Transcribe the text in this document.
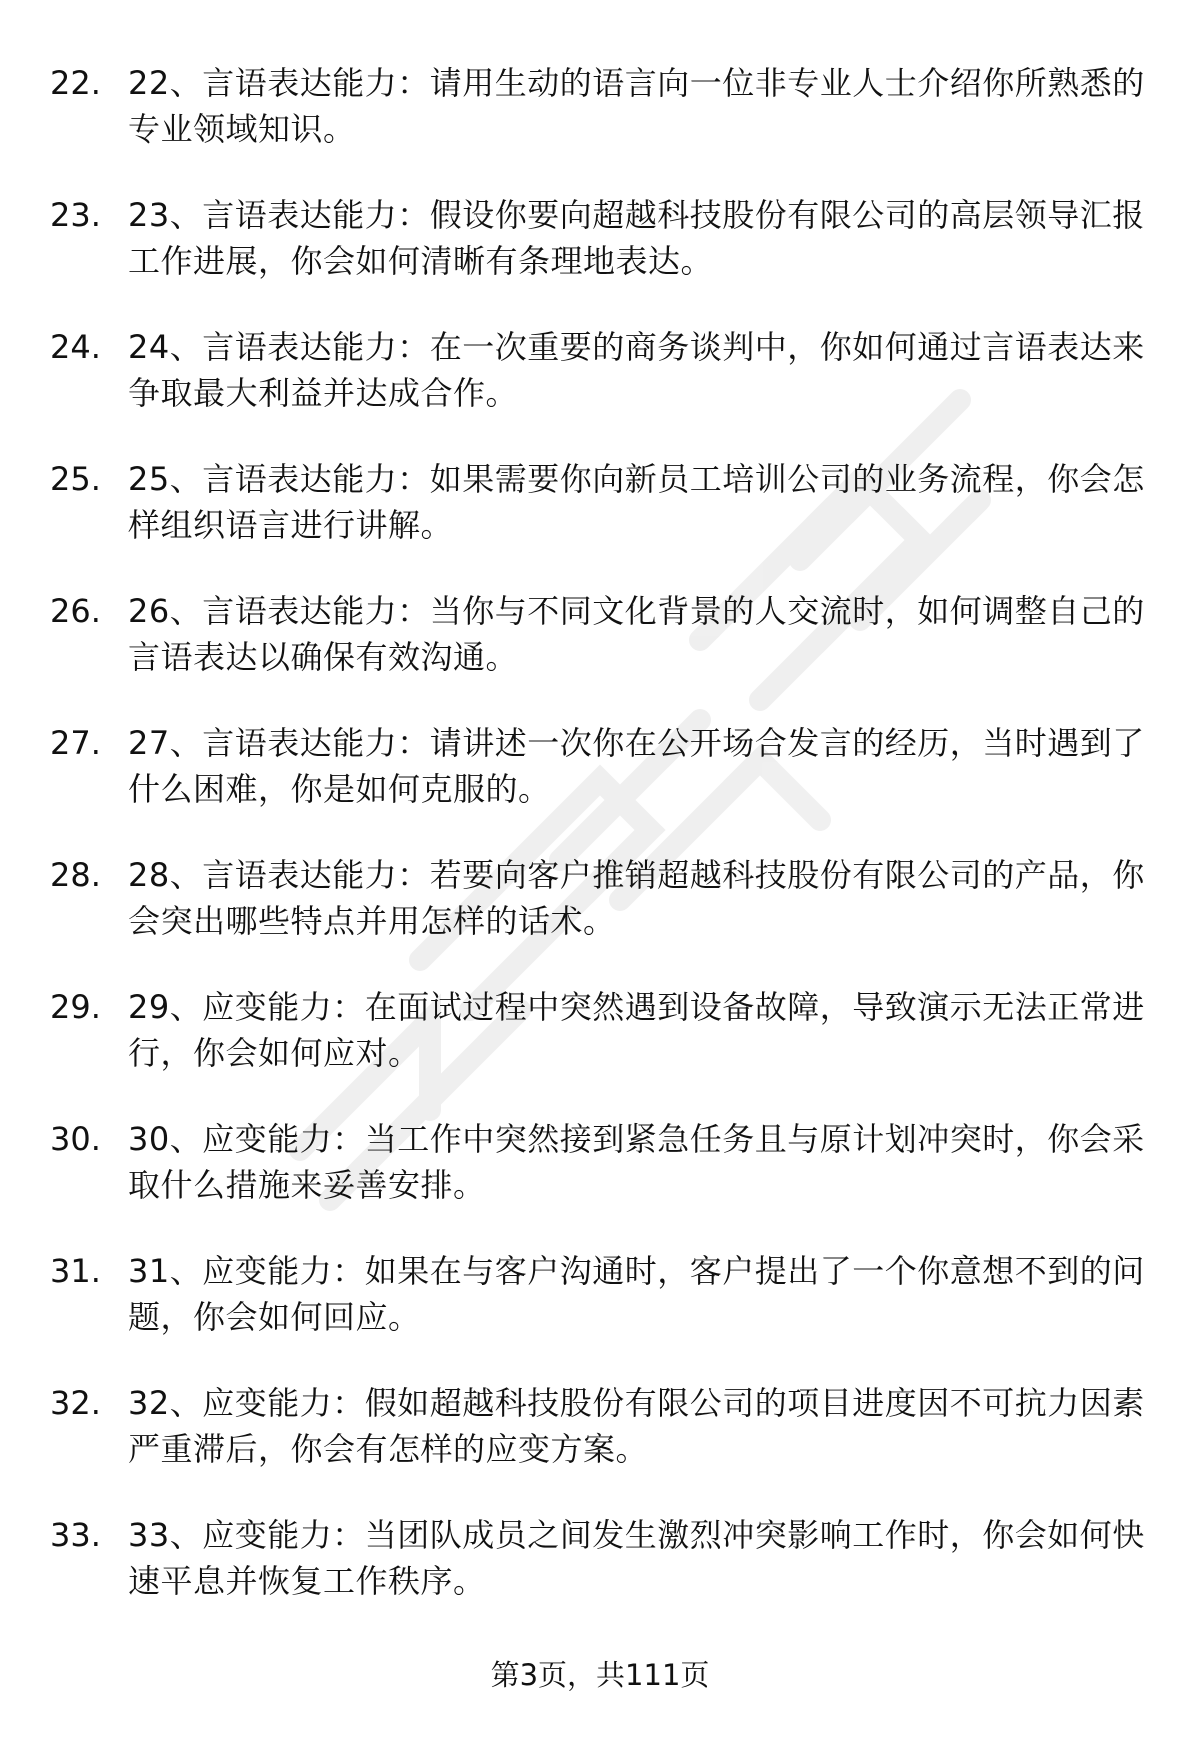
22. 22、言语表达能力：请用生动的语言向一位非专业人士介绍你所熟悉的专业领域知识。
23. 23、言语表达能力：假设你要向超越科技股份有限公司的高层领导汇报工作进展，你会如何清晰有条理地表达。
24. 24、言语表达能力：在一次重要的商务谈判中，你如何通过言语表达来争取最大利益并达成合作。
25. 25、言语表达能力：如果需要你向新员工培训公司的业务流程，你会怎样组织语言进行讲解。
26. 26、言语表达能力：当你与不同文化背景的人交流时，如何调整自己的言语表达以确保有效沟通。
27. 27、言语表达能力：请讲述一次你在公开场合发言的经历，当时遇到了什么困难，你是如何克服的。
28. 28、言语表达能力：若要向客户推销超越科技股份有限公司的产品，你会突出哪些特点并用怎样的话术。
29. 29、应变能力：在面试过程中突然遇到设备故障，导致演示无法正常进行，你会如何应对。
30. 30、应变能力：当工作中突然接到紧急任务且与原计划冲突时，你会采取什么措施来妥善安排。
31. 31、应变能力：如果在与客户沟通时，客户提出了一个你意想不到的问题，你会如何回应。
32. 32、应变能力：假如超越科技股份有限公司的项目进度因不可抗力因素严重滞后，你会有怎样的应变方案。
33. 33、应变能力：当团队成员之间发生激烈冲突影响工作时，你会如何快速平息并恢复工作秩序。
第3页，共111页
